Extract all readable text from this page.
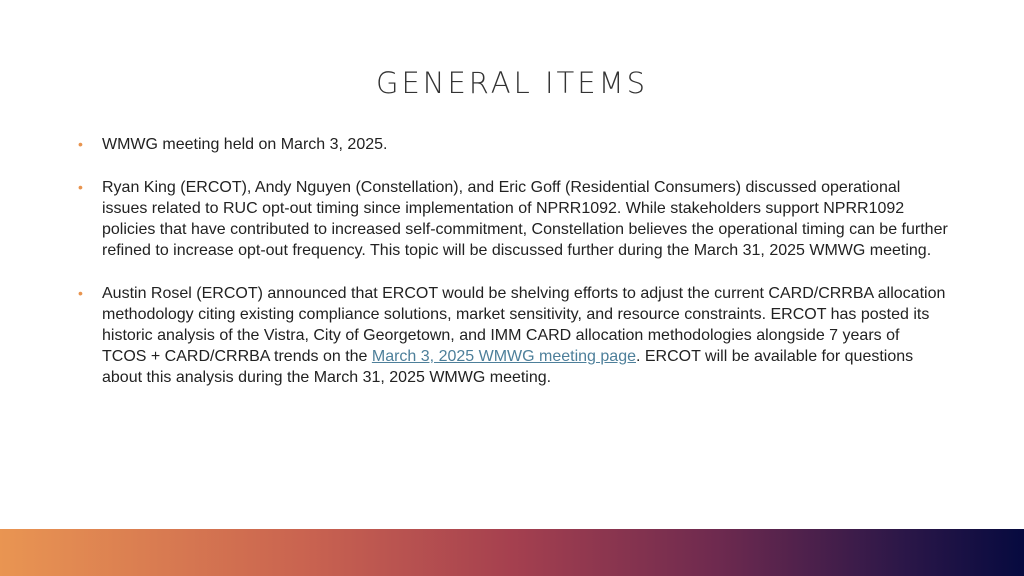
GENERAL ITEMS
• WMWG meeting held on March 3, 2025.
• Ryan King (ERCOT), Andy Nguyen (Constellation), and Eric Goff (Residential Consumers) discussed operational issues related to RUC opt-out timing since implementation of NPRR1092. While stakeholders support NPRR1092 policies that have contributed to increased self-commitment, Constellation believes the operational timing can be further refined to increase opt-out frequency. This topic will be discussed further during the March 31, 2025 WMWG meeting.
• Austin Rosel (ERCOT) announced that ERCOT would be shelving efforts to adjust the current CARD/CRRBA allocation methodology citing existing compliance solutions, market sensitivity, and resource constraints. ERCOT has posted its historic analysis of the Vistra, City of Georgetown, and IMM CARD allocation methodologies alongside 7 years of TCOS + CARD/CRRBA trends on the March 3, 2025 WMWG meeting page. ERCOT will be available for questions about this analysis during the March 31, 2025 WMWG meeting.
